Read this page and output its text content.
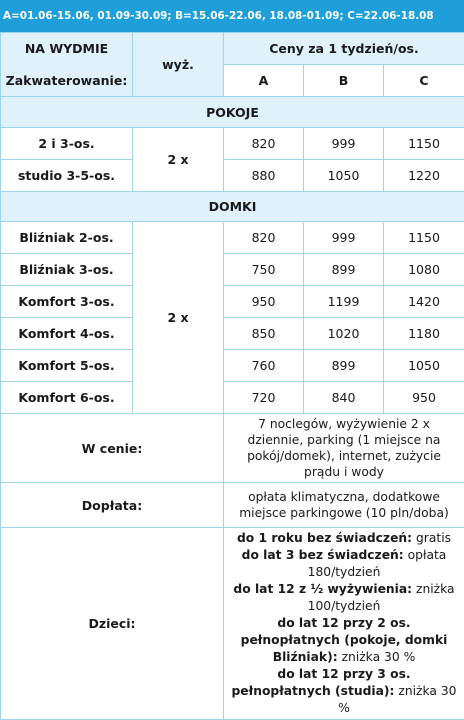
A=01.06-15.06, 01.09-30.09; B=15.06-22.06, 18.08-01.09; C=22.06-18.08
NA WYDMIE	wyż.	Ceny za 1 tydzień/os.		
Zakwaterowanie:		A	B	C
POKOJE				
2 i 3-os.	2 x	820	999	1150
studio 3-5-os.		880	1050	1220
DOMKI				
Bliźniak 2-os.	2 x	820	999	1150
Bliźniak 3-os.		750	899	1080
Komfort 3-os.		950	1199	1420
Komfort 4-os.		850	1020	1180
Komfort 5-os.		760	899	1050
Komfort 6-os.		720	840	950
W cenie:		7 noclegów, wyżywienie 2 x dziennie, parking (1 miejsce na pokój/domek), internet, zużycie prądu i wody		
Dopłata:		opłata klimatyczna, dodatkowe miejsce parkingowe (10 pln/doba)		
Dzieci:		do 1 roku bez świadczeń: gratis
do lat 3 bez świadczeń: opłata 180/tydzień
do lat 12 z ½ wyżywienia: zniżka 100/tydzień
do lat 12 przy 2 os. pełnopłatnych (pokoje, domki Bliźniak): zniżka 30 %
do lat 12 przy 3 os. pełnopłatnych (studia): zniżka 30 %		
